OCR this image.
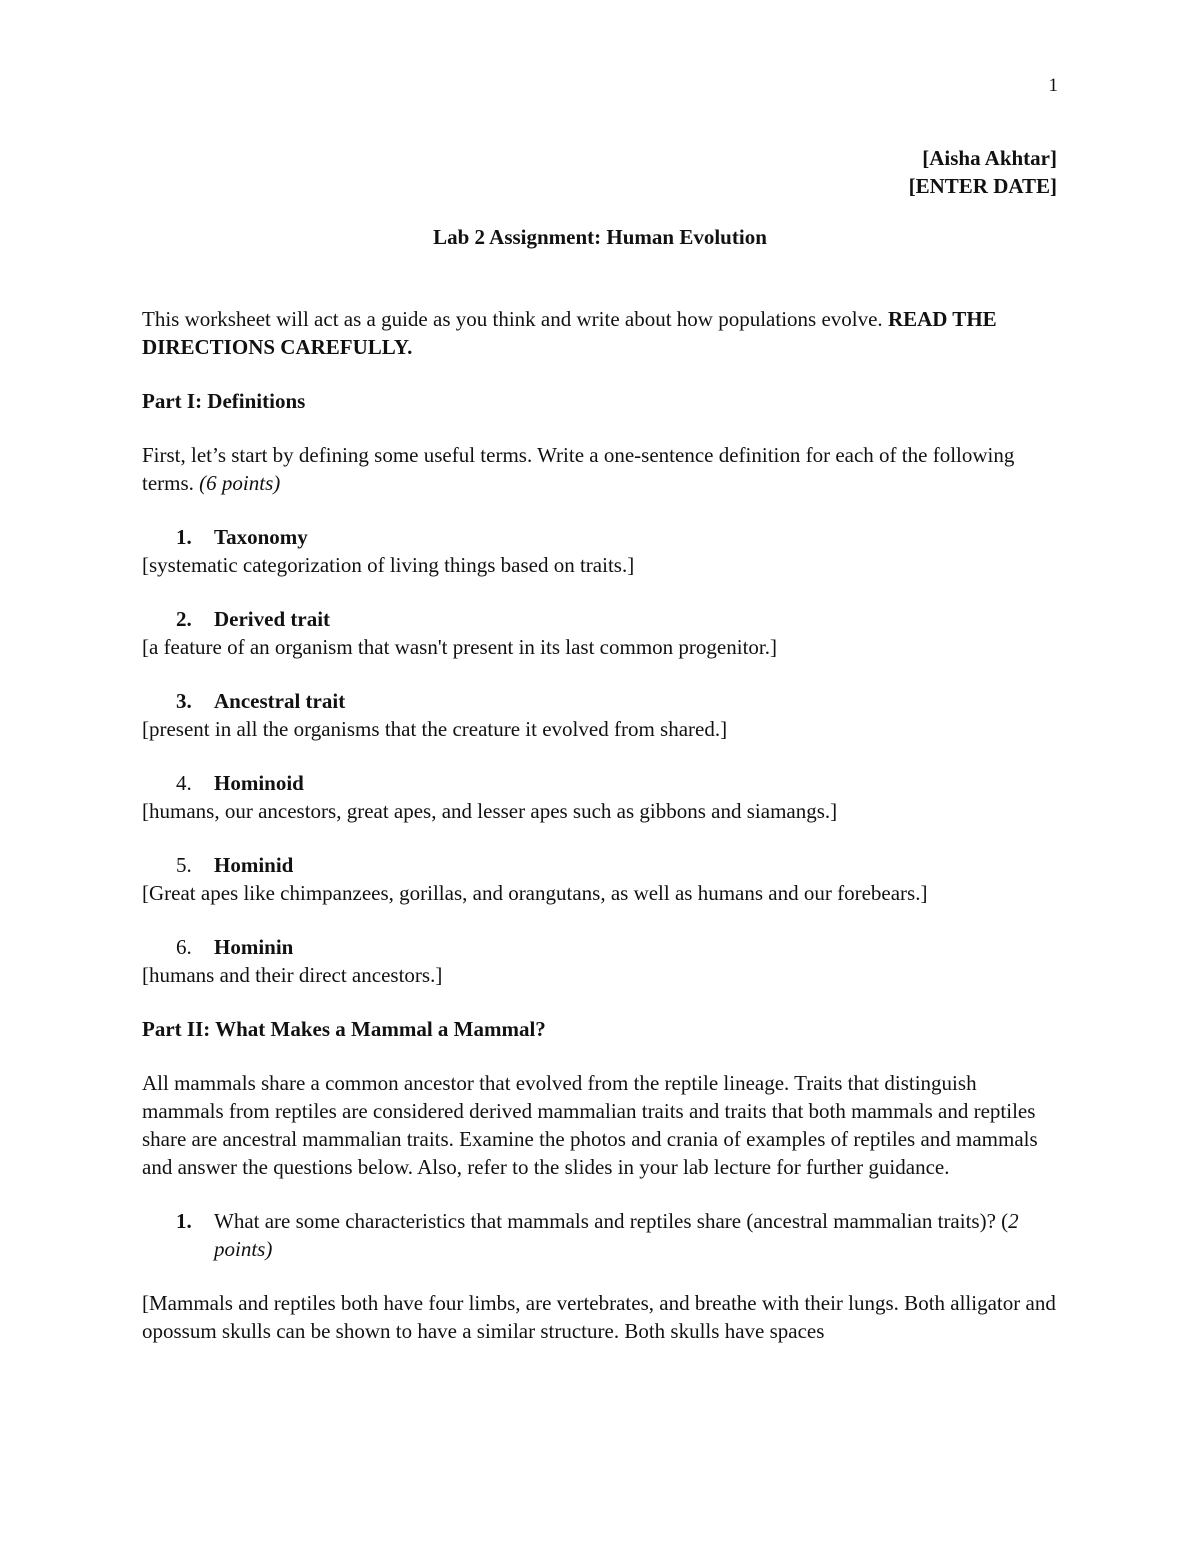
1
[Aisha Akhtar]
[ENTER DATE]
Lab 2 Assignment: Human Evolution

This worksheet will act as a guide as you think and write about how populations evolve. READ THE DIRECTIONS CAREFULLY.

Part I: Definitions

First, let’s start by defining some useful terms. Write a one-sentence definition for each of the following terms. (6 points)

1.	Taxonomy

[systematic categorization of living things based on traits.]

2.	Derived trait

[a feature of an organism that wasn't present in its last common progenitor.]

3.	Ancestral trait

[present in all the organisms that the creature it evolved from shared.]

4.	Hominoid

[humans, our ancestors, great apes, and lesser apes such as gibbons and siamangs.]

5.	Hominid

[Great apes like chimpanzees, gorillas, and orangutans, as well as humans and our forebears.]

6.	Hominin

[humans and their direct ancestors.]

Part II: What Makes a Mammal a Mammal?

All mammals share a common ancestor that evolved from the reptile lineage. Traits that distinguish mammals from reptiles are considered derived mammalian traits and traits that both mammals and reptiles share are ancestral mammalian traits. Examine the photos and crania of examples of reptiles and mammals and answer the questions below. Also, refer to the slides in your lab lecture for further guidance.

1.	What are some characteristics that mammals and reptiles share (ancestral mammalian traits)? (2 points)

[Mammals and reptiles both have four limbs, are vertebrates, and breathe with their lungs. Both alligator and opossum skulls can be shown to have a similar structure. Both skulls have spaces
